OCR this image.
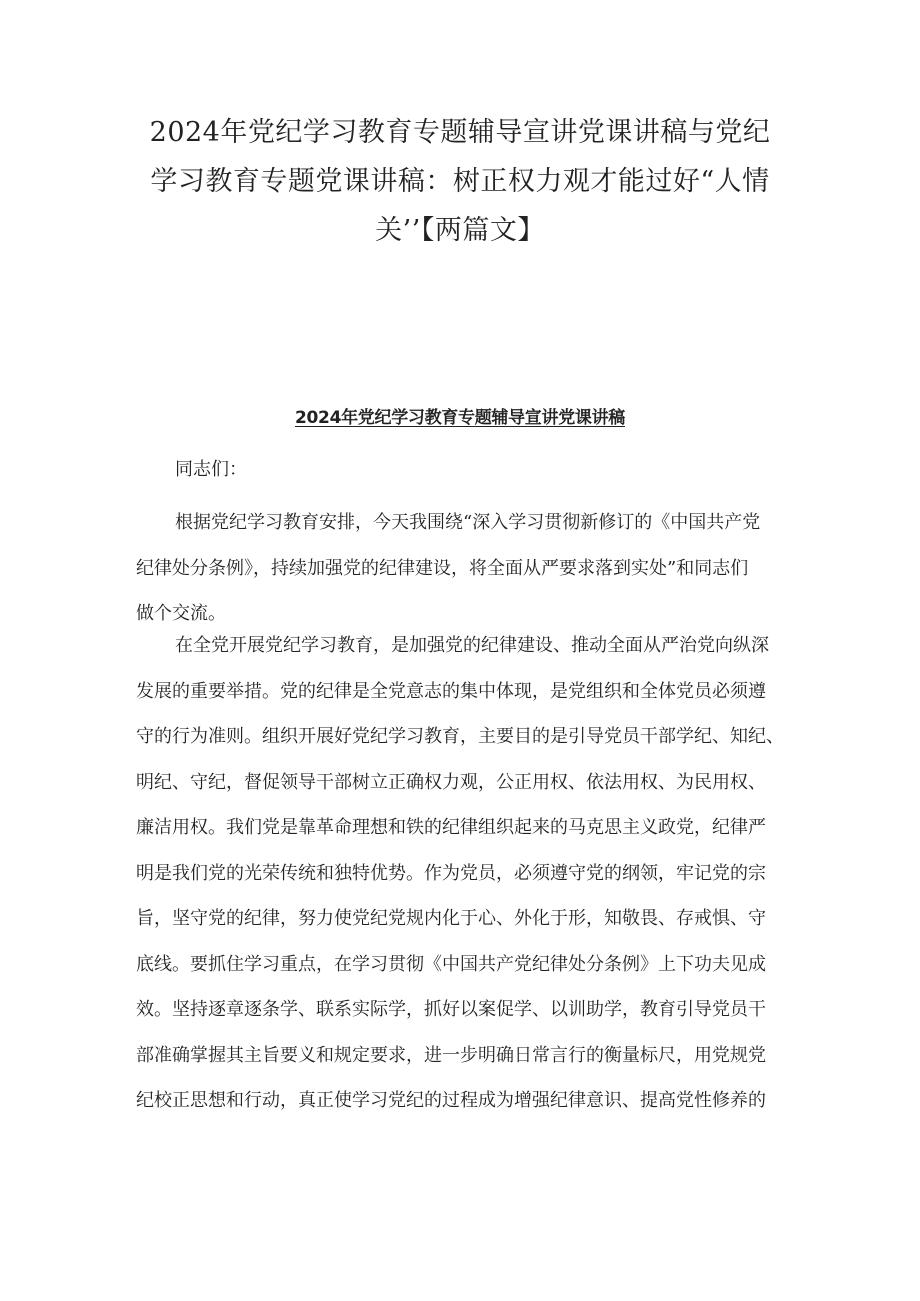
2024年党纪学习教育专题辅导宣讲党课讲稿与党纪
学习教育专题党课讲稿：树正权力观才能过好“人情
关’’【两篇文】
2024年党纪学习教育专题辅导宣讲党课讲稿

同志们：

根据党纪学习教育安排，今天我围绕“深入学习贯彻新修订的《中国共产党
纪律处分条例》，持续加强党的纪律建设，将全面从严要求落到实处”和同志们
做个交流。

在全党开展党纪学习教育，是加强党的纪律建设、推动全面从严治党向纵深
发展的重要举措。党的纪律是全党意志的集中体现，是党组织和全体党员必须遵
守的行为准则。组织开展好党纪学习教育，主要目的是引导党员干部学纪、知纪、
明纪、守纪，督促领导干部树立正确权力观，公正用权、依法用权、为民用权、
廉洁用权。我们党是靠革命理想和铁的纪律组织起来的马克思主义政党，纪律严
明是我们党的光荣传统和独特优势。作为党员，必须遵守党的纲领，牢记党的宗
旨，坚守党的纪律，努力使党纪党规内化于心、外化于形，知敬畏、存戒惧、守
底线。要抓住学习重点，在学习贯彻《中国共产党纪律处分条例》上下功夫见成
效。坚持逐章逐条学、联系实际学，抓好以案促学、以训助学，教育引导党员干
部准确掌握其主旨要义和规定要求，进一步明确日常言行的衡量标尺，用党规党
纪校正思想和行动，真正使学习党纪的过程成为增强纪律意识、提高党性修养的
